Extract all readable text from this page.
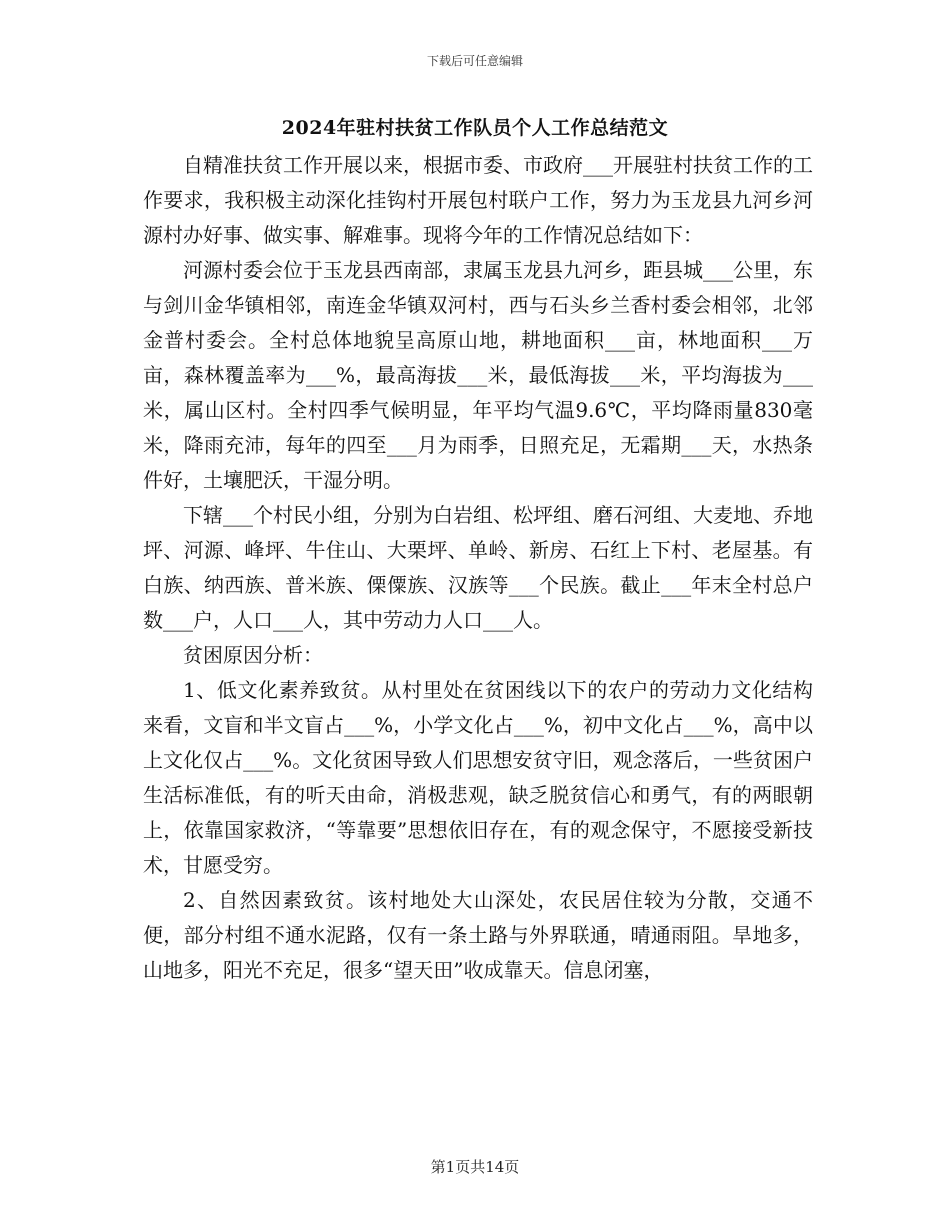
下载后可任意编辑
2024年驻村扶贫工作队员个人工作总结范文

自精准扶贫工作开展以来，根据市委、市政府___开展驻村扶贫工作的工作要求，我积极主动深化挂钩村开展包村联户工作，努力为玉龙县九河乡河源村办好事、做实事、解难事。现将今年的工作情况总结如下：

河源村委会位于玉龙县西南部，隶属玉龙县九河乡，距县城___公里，东与剑川金华镇相邻，南连金华镇双河村，西与石头乡兰香村委会相邻，北邻金普村委会。全村总体地貌呈高原山地，耕地面积___亩，林地面积___万亩，森林覆盖率为___%，最高海拔___米，最低海拔___米，平均海拔为___米，属山区村。全村四季气候明显，年平均气温9.6℃，平均降雨量830毫米，降雨充沛，每年的四至___月为雨季，日照充足，无霜期___天，水热条件好，土壤肥沃，干湿分明。

下辖___个村民小组，分别为白岩组、松坪组、磨石河组、大麦地、乔地坪、河源、峰坪、牛住山、大栗坪、单岭、新房、石红上下村、老屋基。有白族、纳西族、普米族、傈僳族、汉族等___个民族。截止___年末全村总户数___户，人口___人，其中劳动力人口___人。

贫困原因分析：

1、低文化素养致贫。从村里处在贫困线以下的农户的劳动力文化结构来看，文盲和半文盲占___%，小学文化占___%，初中文化占___%，高中以上文化仅占___%。文化贫困导致人们思想安贫守旧，观念落后，一些贫困户生活标准低，有的听天由命，消极悲观，缺乏脱贫信心和勇气，有的两眼朝上，依靠国家救济，“等靠要”思想依旧存在，有的观念保守，不愿接受新技术，甘愿受穷。

2、自然因素致贫。该村地处大山深处，农民居住较为分散，交通不便，部分村组不通水泥路，仅有一条土路与外界联通，晴通雨阻。旱地多，山地多，阳光不充足，很多“望天田”收成靠天。信息闭塞，

第1页共14页
